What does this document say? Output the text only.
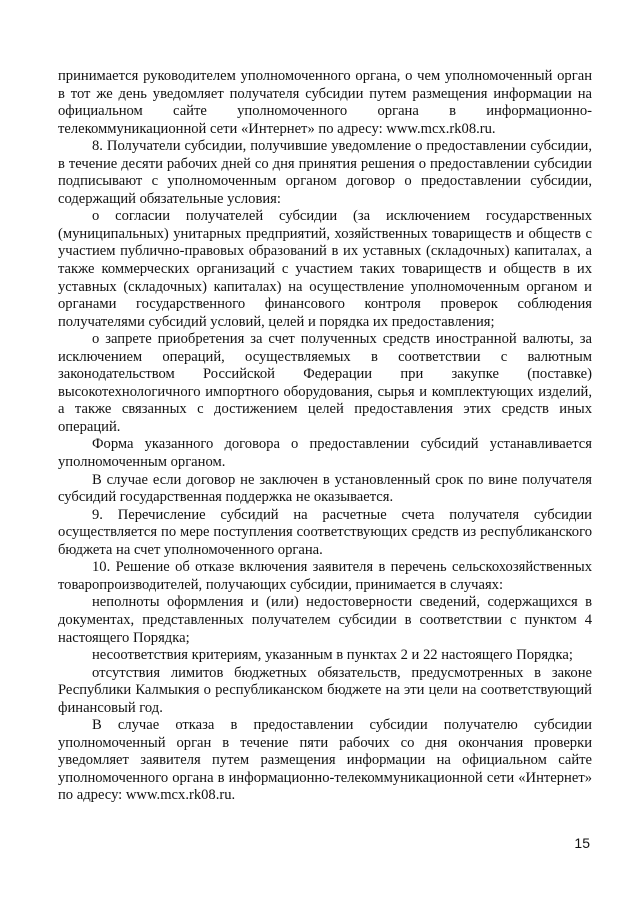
принимается руководителем уполномоченного органа, о чем уполномоченный орган в тот же день уведомляет получателя субсидии путем размещения информации на официальном сайте уполномоченного органа в информационно-телекоммуникационной сети «Интернет» по адресу: www.mcx.rk08.ru.

8. Получатели субсидии, получившие уведомление о предоставлении субсидии, в течение десяти рабочих дней со дня принятия решения о предоставлении субсидии подписывают с уполномоченным органом договор о предоставлении субсидии, содержащий обязательные условия:

о согласии получателей субсидии (за исключением государственных (муниципальных) унитарных предприятий, хозяйственных товариществ и обществ с участием публично-правовых образований в их уставных (складочных) капиталах, а также коммерческих организаций с участием таких товариществ и обществ в их уставных (складочных) капиталах) на осуществление уполномоченным органом и органами государственного финансового контроля проверок соблюдения получателями субсидий условий, целей и порядка их предоставления;

о запрете приобретения за счет полученных средств иностранной валюты, за исключением операций, осуществляемых в соответствии с валютным законодательством Российской Федерации при закупке (поставке) высокотехнологичного импортного оборудования, сырья и комплектующих изделий, а также связанных с достижением целей предоставления этих средств иных операций.

Форма указанного договора о предоставлении субсидий устанавливается уполномоченным органом.

В случае если договор не заключен в установленный срок по вине получателя субсидий государственная поддержка не оказывается.

9. Перечисление субсидий на расчетные счета получателя субсидии осуществляется по мере поступления соответствующих средств из республиканского бюджета на счет уполномоченного органа.

10. Решение об отказе включения заявителя в перечень сельскохозяйственных товаропроизводителей, получающих субсидии, принимается в случаях:

неполноты оформления и (или) недостоверности сведений, содержащихся в документах, представленных получателем субсидии в соответствии с пунктом 4 настоящего Порядка;

несоответствия критериям, указанным в пунктах 2 и 22 настоящего Порядка;

отсутствия лимитов бюджетных обязательств, предусмотренных в законе Республики Калмыкия о республиканском бюджете на эти цели на соответствующий финансовый год.

В случае отказа в предоставлении субсидии получателю субсидии уполномоченный орган в течение пяти рабочих со дня окончания проверки уведомляет заявителя путем размещения информации на официальном сайте уполномоченного органа в информационно-телекоммуникационной сети «Интернет» по адресу: www.mcx.rk08.ru.

15
